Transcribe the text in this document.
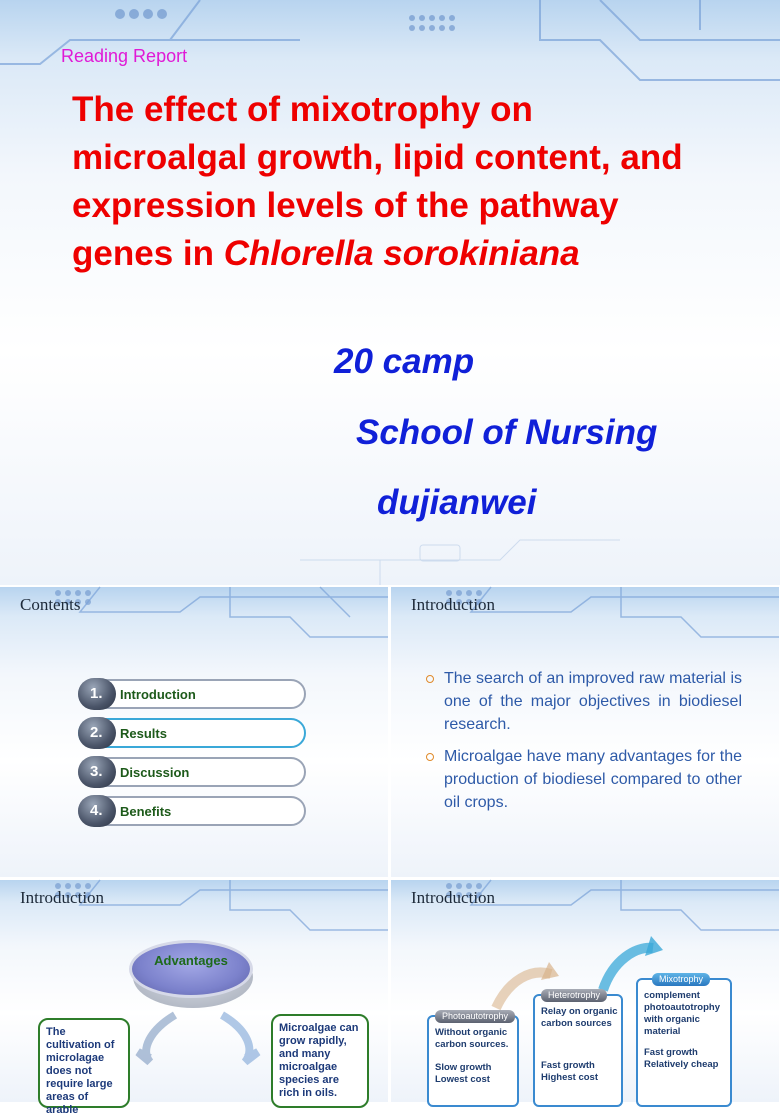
Reading Report
The effect of mixotrophy on microalgal growth, lipid content, and expression levels of the pathway genes in Chlorella sorokiniana
20 camp
School of Nursing
dujianwei
Contents
1.	Introduction
2.	Results
3.	Discussion
4.	Benefits
Introduction
The search of an improved raw material is one of the major objectives in biodiesel research.
Microalgae have many advantages for the production of biodiesel compared to other oil crops.
Introduction
Advantages
The cultivation of microlagae does not require large areas of arable
Microalgae can grow rapidly, and many microalgae species are rich in oils.
Introduction
Photoautotrophy
Without organic carbon sources.
Slow growth Lowest cost
Heterotrophy
Relay on organic carbon sources
Fast growth Highest cost
Mixotrophy
complement photoautotrophy with organic material
Fast growth Relatively cheap
